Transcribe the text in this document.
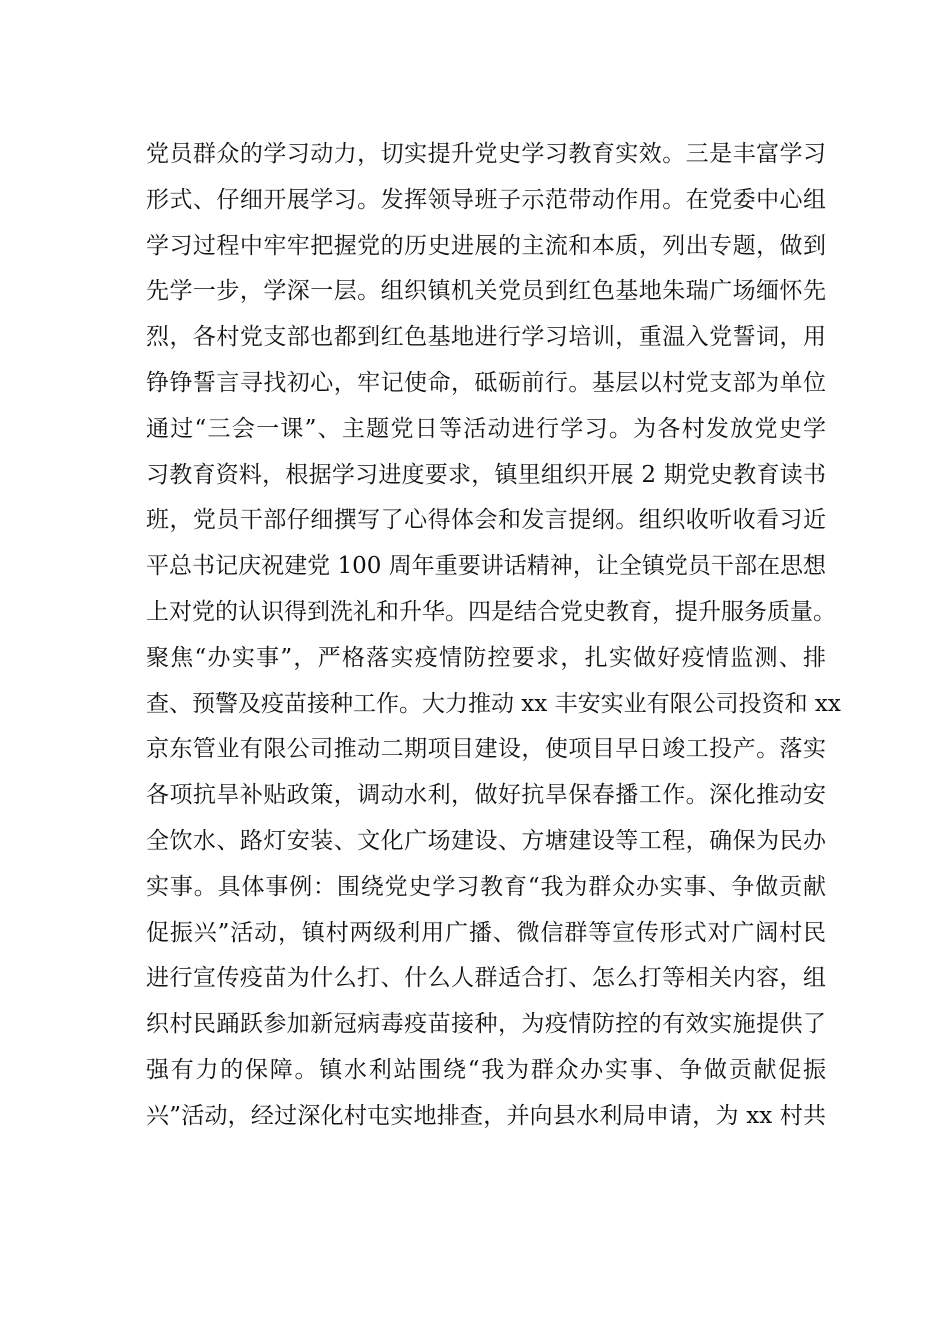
党员群众的学习动力，切实提升党史学习教育实效。三是丰富学习
形式、仔细开展学习。发挥领导班子示范带动作用。在党委中心组
学习过程中牢牢把握党的历史进展的主流和本质，列出专题，做到
先学一步，学深一层。组织镇机关党员到红色基地朱瑞广场缅怀先
烈，各村党支部也都到红色基地进行学习培训，重温入党誓词，用
铮铮誓言寻找初心，牢记使命，砥砺前行。基层以村党支部为单位
通过“三会一课”、主题党日等活动进行学习。为各村发放党史学
习教育资料，根据学习进度要求，镇里组织开展 2 期党史教育读书
班，党员干部仔细撰写了心得体会和发言提纲。组织收听收看习近
平总书记庆祝建党 100 周年重要讲话精神，让全镇党员干部在思想
上对党的认识得到洗礼和升华。四是结合党史教育，提升服务质量。
聚焦“办实事”，严格落实疫情防控要求，扎实做好疫情监测、排
查、预警及疫苗接种工作。大力推动 xx 丰安实业有限公司投资和 xx
京东管业有限公司推动二期项目建设，使项目早日竣工投产。落实
各项抗旱补贴政策，调动水利，做好抗旱保春播工作。深化推动安
全饮水、路灯安装、文化广场建设、方塘建设等工程，确保为民办
实事。具体事例：围绕党史学习教育“我为群众办实事、争做贡献
促振兴”活动，镇村两级利用广播、微信群等宣传形式对广阔村民
进行宣传疫苗为什么打、什么人群适合打、怎么打等相关内容，组
织村民踊跃参加新冠病毒疫苗接种，为疫情防控的有效实施提供了
强有力的保障。镇水利站围绕“我为群众办实事、争做贡献促振
兴”活动，经过深化村屯实地排查，并向县水利局申请，为 xx 村共
